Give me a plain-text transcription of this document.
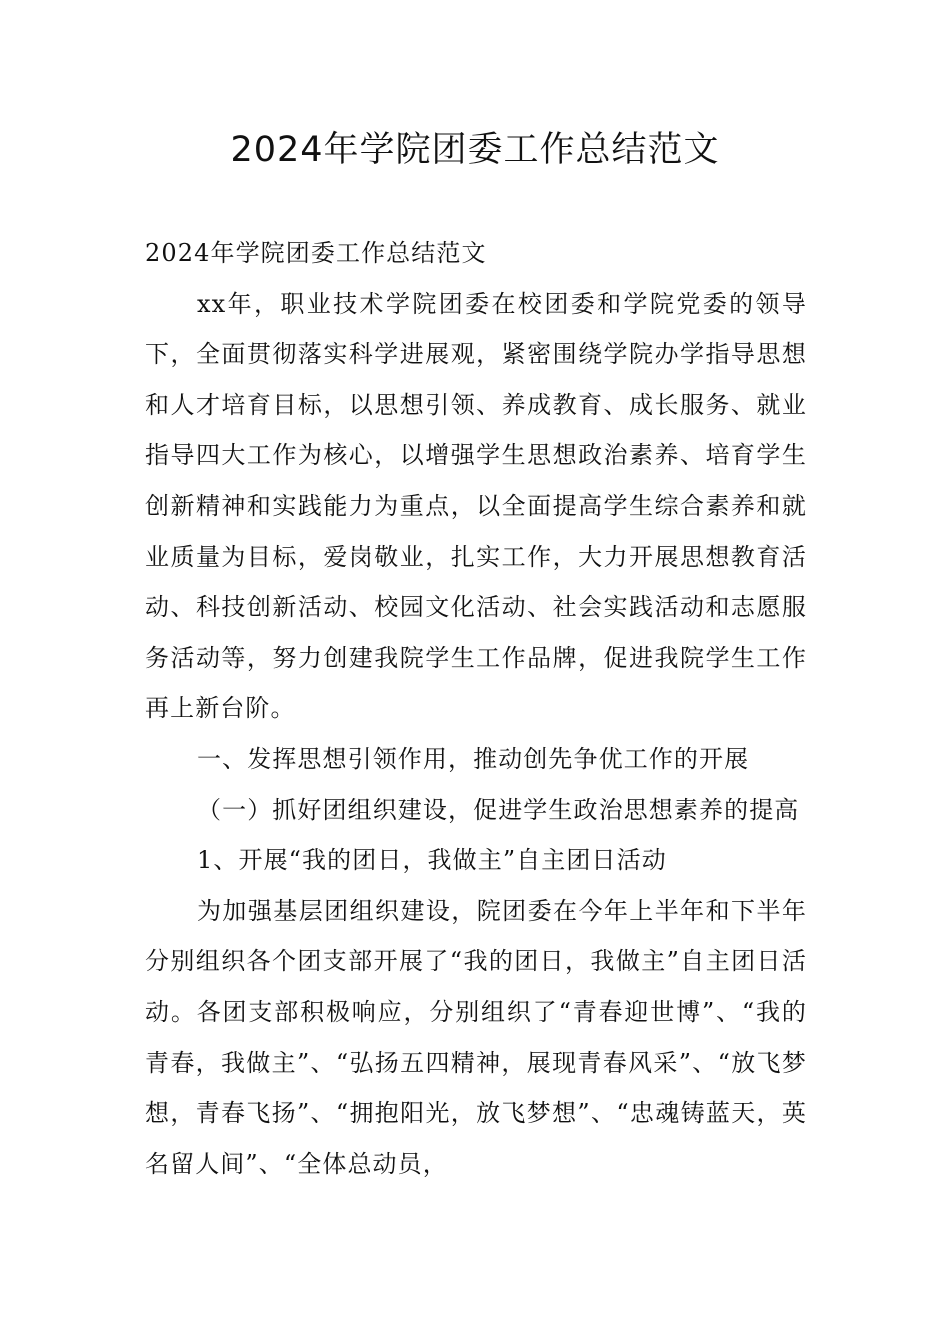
2024年学院团委工作总结范文

2024年学院团委工作总结范文

xx年，职业技术学院团委在校团委和学院党委的领导下，全面贯彻落实科学进展观，紧密围绕学院办学指导思想和人才培育目标，以思想引领、养成教育、成长服务、就业指导四大工作为核心，以增强学生思想政治素养、培育学生创新精神和实践能力为重点，以全面提高学生综合素养和就业质量为目标，爱岗敬业，扎实工作，大力开展思想教育活动、科技创新活动、校园文化活动、社会实践活动和志愿服务活动等，努力创建我院学生工作品牌，促进我院学生工作再上新台阶。

一、发挥思想引领作用，推动创先争优工作的开展

（一）抓好团组织建设，促进学生政治思想素养的提高

1、开展“我的团日，我做主”自主团日活动

为加强基层团组织建设，院团委在今年上半年和下半年分别组织各个团支部开展了“我的团日，我做主”自主团日活动。各团支部积极响应，分别组织了“青春迎世博”、“我的青春，我做主”、“弘扬五四精神，展现青春风采”、“放飞梦想，青春飞扬”、“拥抱阳光，放飞梦想”、“忠魂铸蓝天，英名留人间”、“全体总动员，
